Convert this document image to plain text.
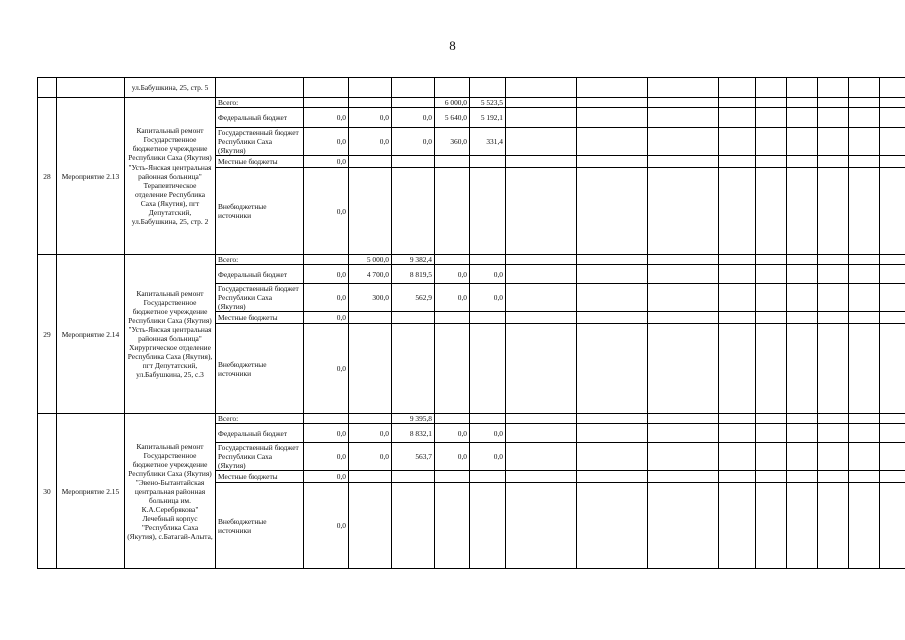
8
		ул.Бабушкина, 25, стр. 5															
28	Мероприятие 2.13	Капитальный ремонт Государственное бюджетное учреждение Республики Саха (Якутия) "Усть-Янская центральная районная больница" Терапевтическое отделение Республика Саха (Якутия), пгт Депутатский, ул.Бабушкина, 25, стр. 2	Всего:				6 000,0	5 523,5									
			Федеральный бюджет	0,0	0,0	0,0	5 640,0	5 192,1									
			Государственный бюджет Республики Саха (Якутия)	0,0	0,0	0,0	360,0	331,4									
			Местные бюджеты	0,0													
			Внебюджетные источники	0,0													
29	Мероприятие 2.14	Капитальный ремонт Государственное бюджетное учреждение Республики Саха (Якутия) "Усть-Янская центральная районная больница" Хирургическое отделение Республика Саха (Якутия), пгт Депутатский, ул.Бабушкина, 25, с.3	Всего:		5 000,0	9 382,4											
			Федеральный бюджет	0,0	4 700,0	8 819,5	0,0	0,0									
			Государственный бюджет Республики Саха (Якутия)	0,0	300,0	562,9	0,0	0,0									
			Местные бюджеты	0,0													
			Внебюджетные источники	0,0													
30	Мероприятие 2.15	Капитальный ремонт Государственное бюджетное учреждение Республики Саха (Якутия) "Эвено-Бытантайская центральная районная больница им. К.А.Серебрякова" Лечебный корпус "Республика Саха (Якутия), с.Батагай-Алыта,	Всего:			9 395,8											
			Федеральный бюджет	0,0	0,0	8 832,1	0,0	0,0									
			Государственный бюджет Республики Саха (Якутия)	0,0	0,0	563,7	0,0	0,0									
			Местные бюджеты	0,0													
			Внебюджетные источники	0,0													
